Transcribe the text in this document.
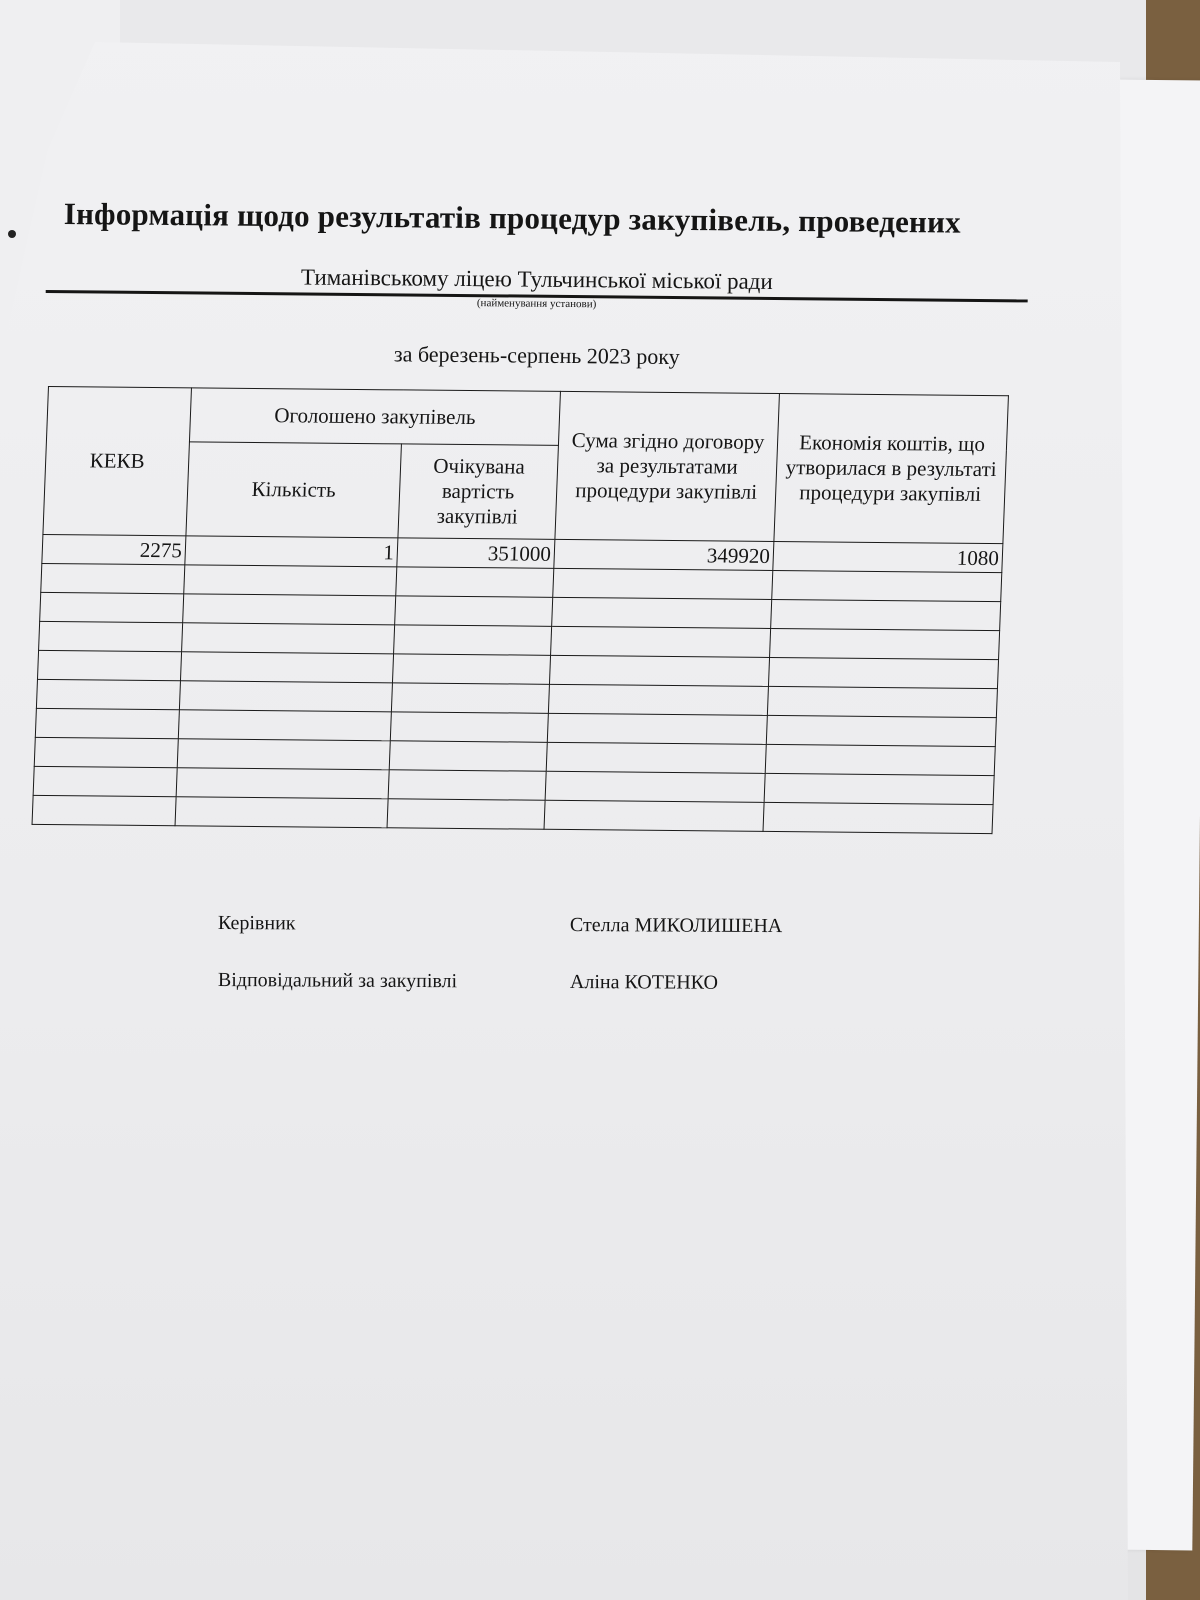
Інформація щодо результатів процедур закупівель, проведених
Тиманівському ліцею Тульчинської міської ради
(найменування установи)
за березень-серпень 2023 року
КЕКВ	Оголошено закупівель		Сума згідно договору за результатами процедури закупівлі	Економія коштів, що утворилася в результаті процедури закупівлі
	Кількість	Очікувана вартість закупівлі		
2275	1	351000	349920	1080

Керівник	Стелла МИКОЛИШЕНА
Відповідальний за закупівлі	Аліна КОТЕНКО
